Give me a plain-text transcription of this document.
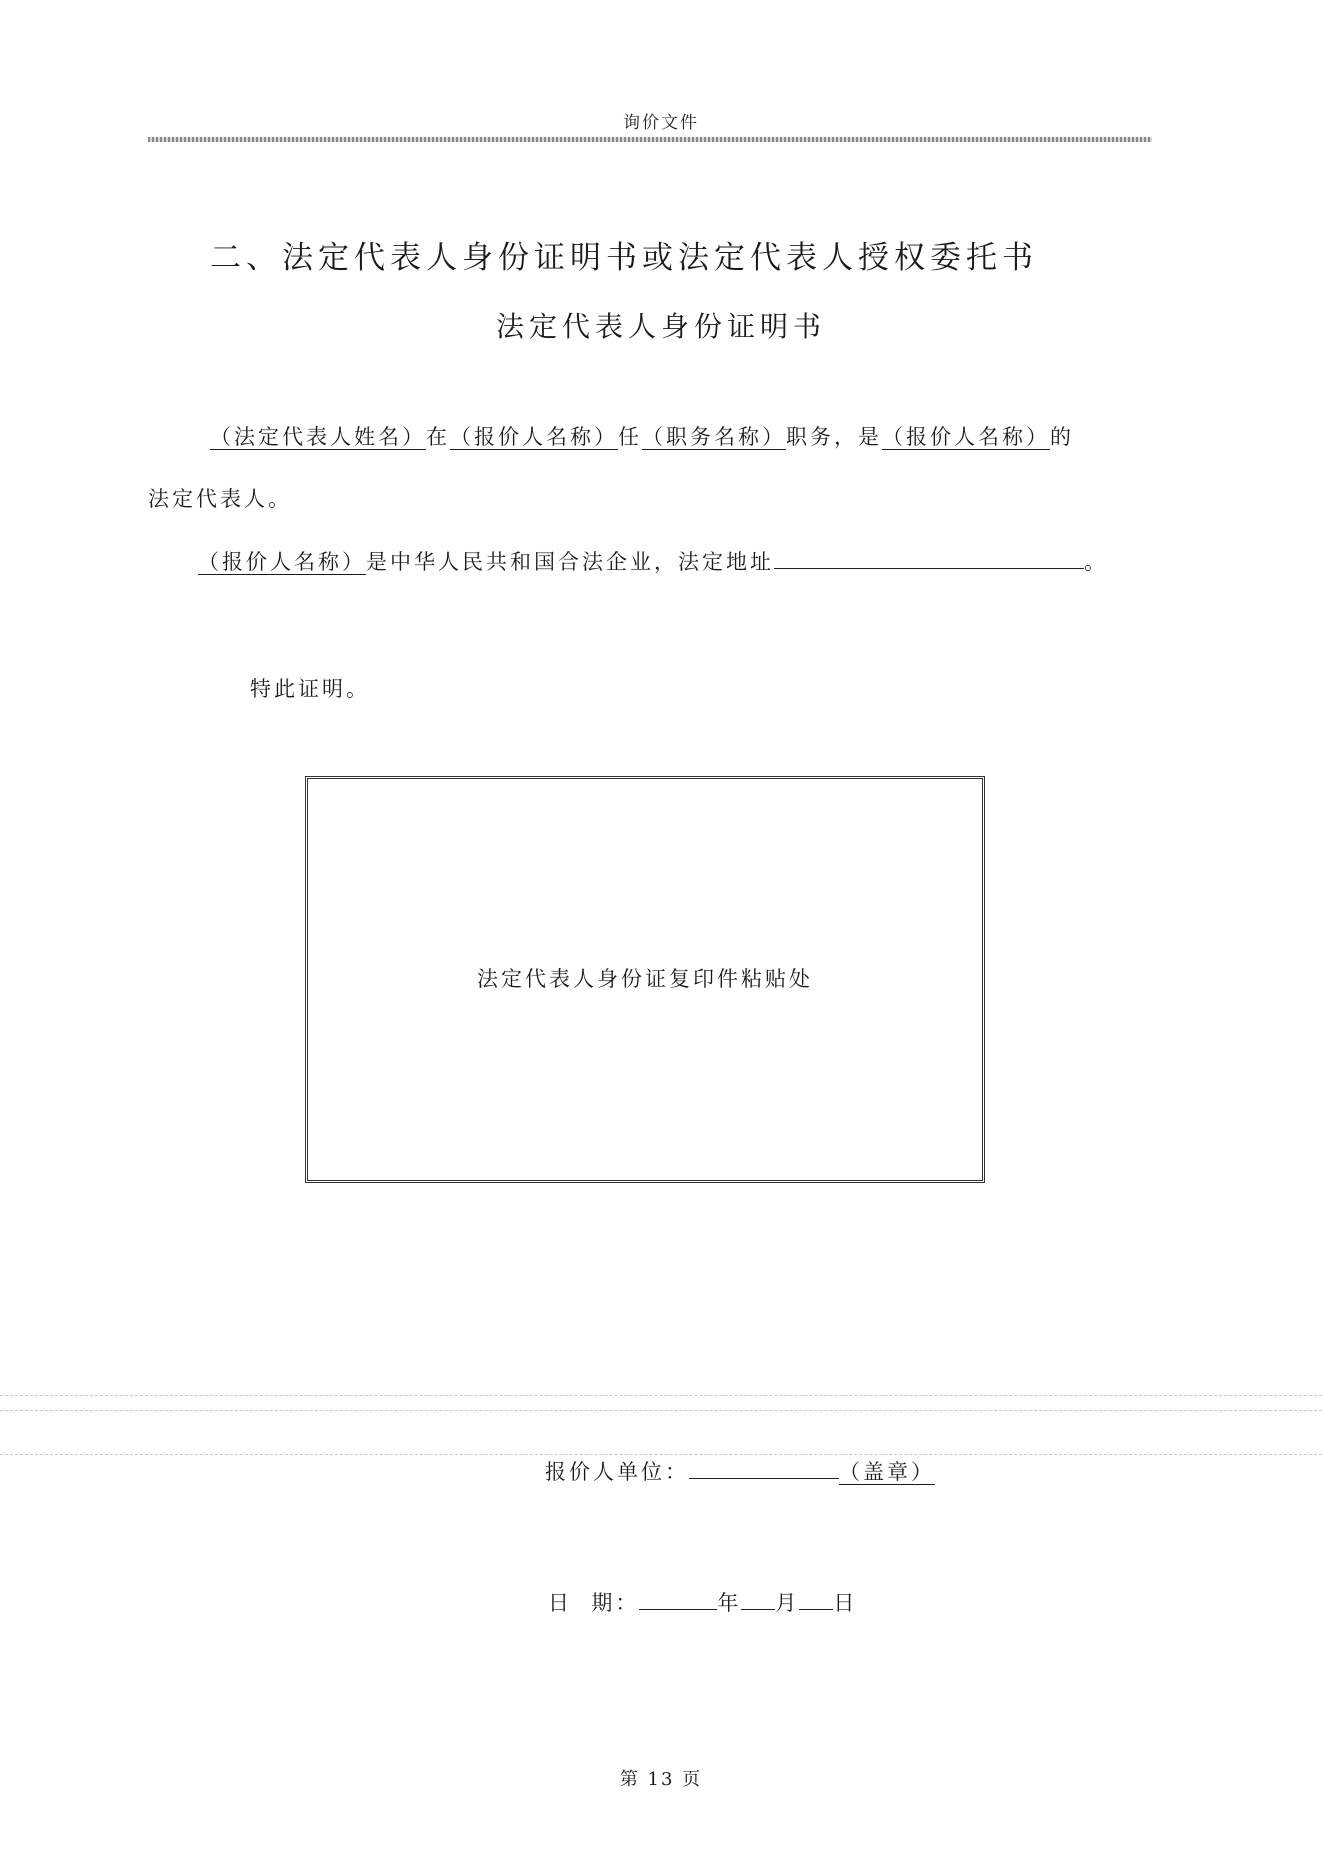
询价文件
二、法定代表人身份证明书或法定代表人授权委托书
法定代表人身份证明书
（法定代表人姓名）在（报价人名称）任（职务名称）职务，是（报价人名称）的
法定代表人。
（报价人名称）是中华人民共和国合法企业，法定地址	。
特此证明。
法定代表人身份证复印件粘贴处
报价人单位：	（盖章）
日  期：	年 月 日
第 13 页
